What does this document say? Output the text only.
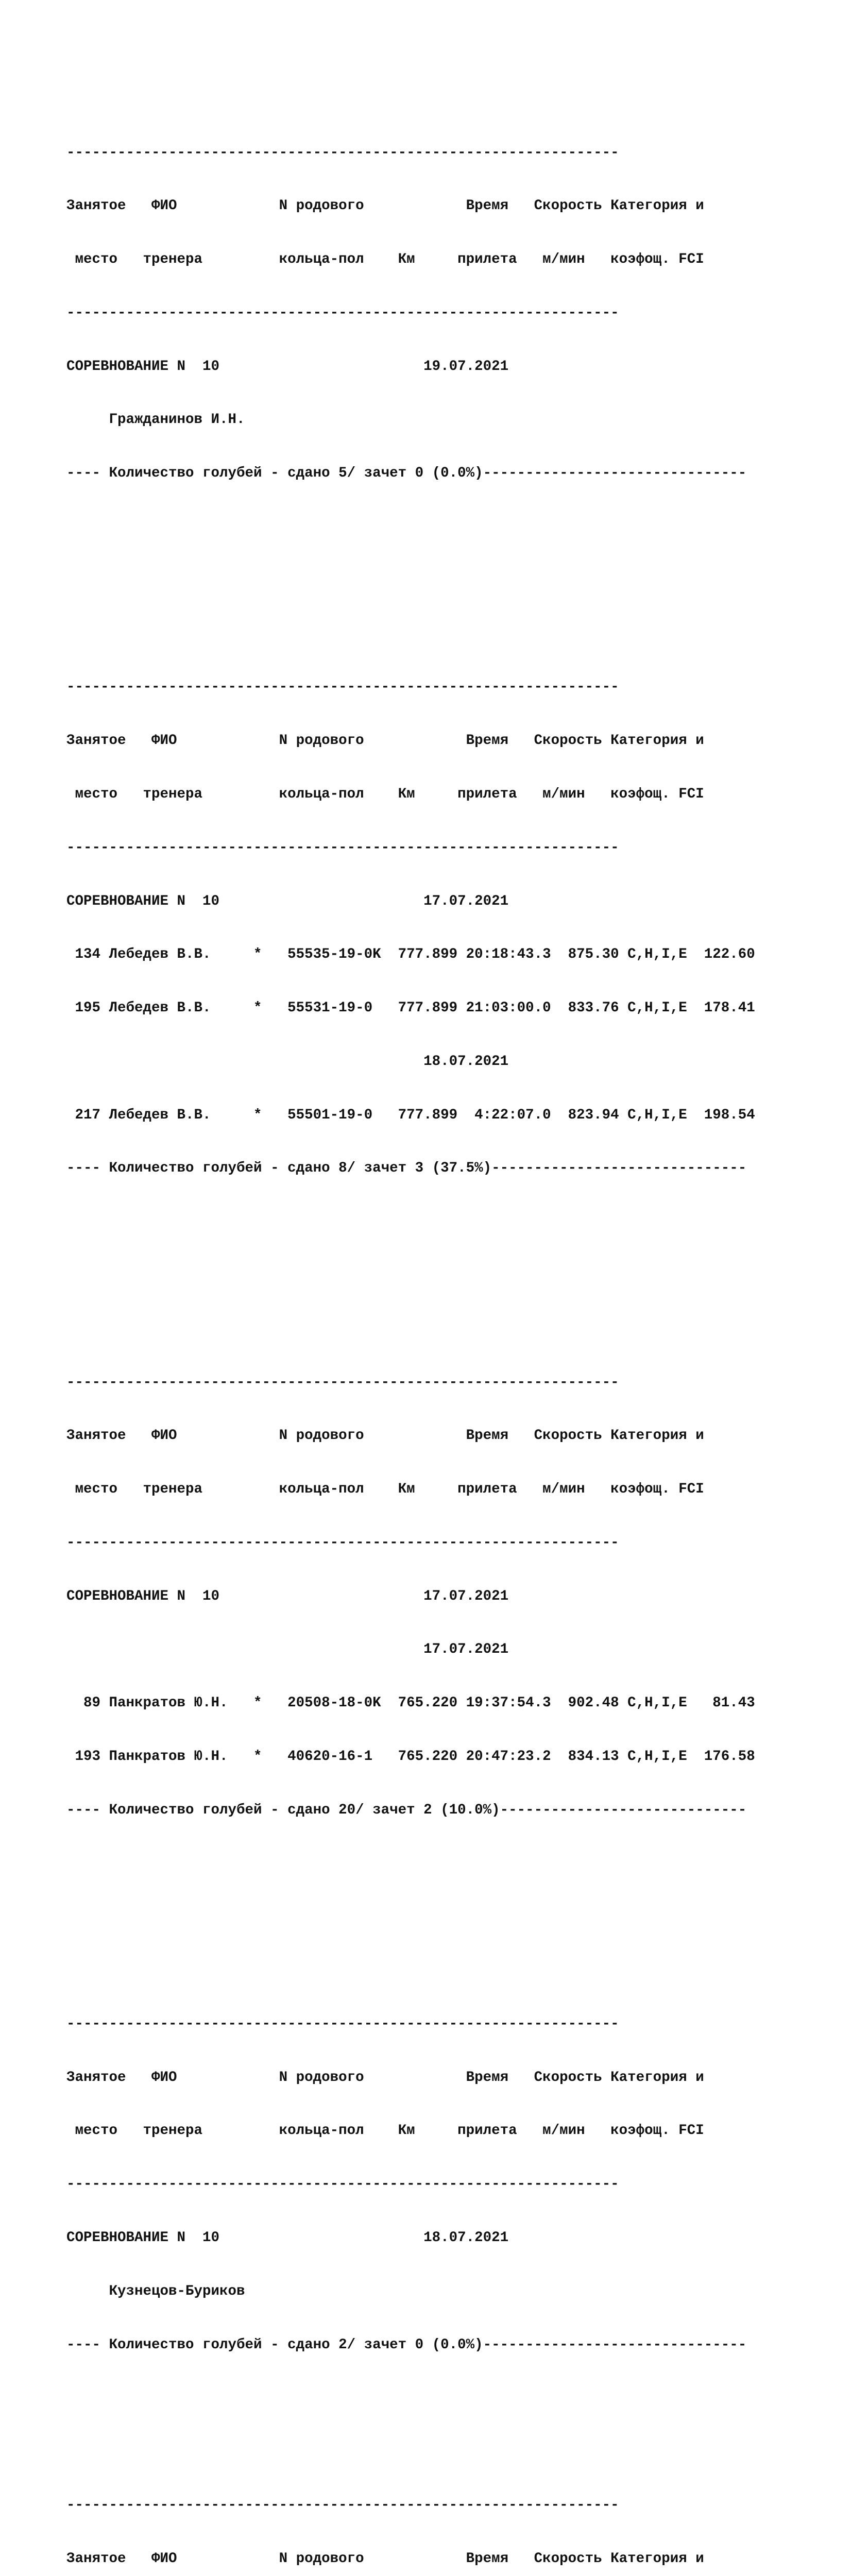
-----------------------------------------------------------------

Занятое   ФИО            N родового            Время   Скорость Категория и

место   тренера         кольца-пол    Км     прилета   м/мин   коэфощ. FCI

-----------------------------------------------------------------

СОРЕВНОВАНИЕ N  10                        19.07.2021

Гражданинов И.Н.

---- Количество голубей - сдано 5/ зачет 0 (0.0%)-------------------------------

-----------------------------------------------------------------

Занятое   ФИО            N родового            Время   Скорость Категория и

место   тренера         кольца-пол    Км     прилета   м/мин   коэфощ. FCI

-----------------------------------------------------------------

СОРЕВНОВАНИЕ N  10                        17.07.2021

134 Лебедев В.В.     *   55535-19-0K  777.899 20:18:43.3  875.30 C,H,I,E  122.60

195 Лебедев В.В.     *   55531-19-0   777.899 21:03:00.0  833.76 C,H,I,E  178.41

18.07.2021

217 Лебедев В.В.     *   55501-19-0   777.899  4:22:07.0  823.94 C,H,I,E  198.54

---- Количество голубей - сдано 8/ зачет 3 (37.5%)------------------------------

-----------------------------------------------------------------

Занятое   ФИО            N родового            Время   Скорость Категория и

место   тренера         кольца-пол    Км     прилета   м/мин   коэфощ. FCI

-----------------------------------------------------------------

СОРЕВНОВАНИЕ N  10                        17.07.2021

17.07.2021

89 Панкратов Ю.Н.   *   20508-18-0K  765.220 19:37:54.3  902.48 C,H,I,E   81.43

193 Панкратов Ю.Н.   *   40620-16-1   765.220 20:47:23.2  834.13 C,H,I,E  176.58

---- Количество голубей - сдано 20/ зачет 2 (10.0%)-----------------------------

-----------------------------------------------------------------

Занятое   ФИО            N родового            Время   Скорость Категория и

место   тренера         кольца-пол    Км     прилета   м/мин   коэфощ. FCI

-----------------------------------------------------------------

СОРЕВНОВАНИЕ N  10                        18.07.2021

Кузнецов-Буриков

---- Количество голубей - сдано 2/ зачет 0 (0.0%)-------------------------------

-----------------------------------------------------------------

Занятое   ФИО            N родового            Время   Скорость Категория и
